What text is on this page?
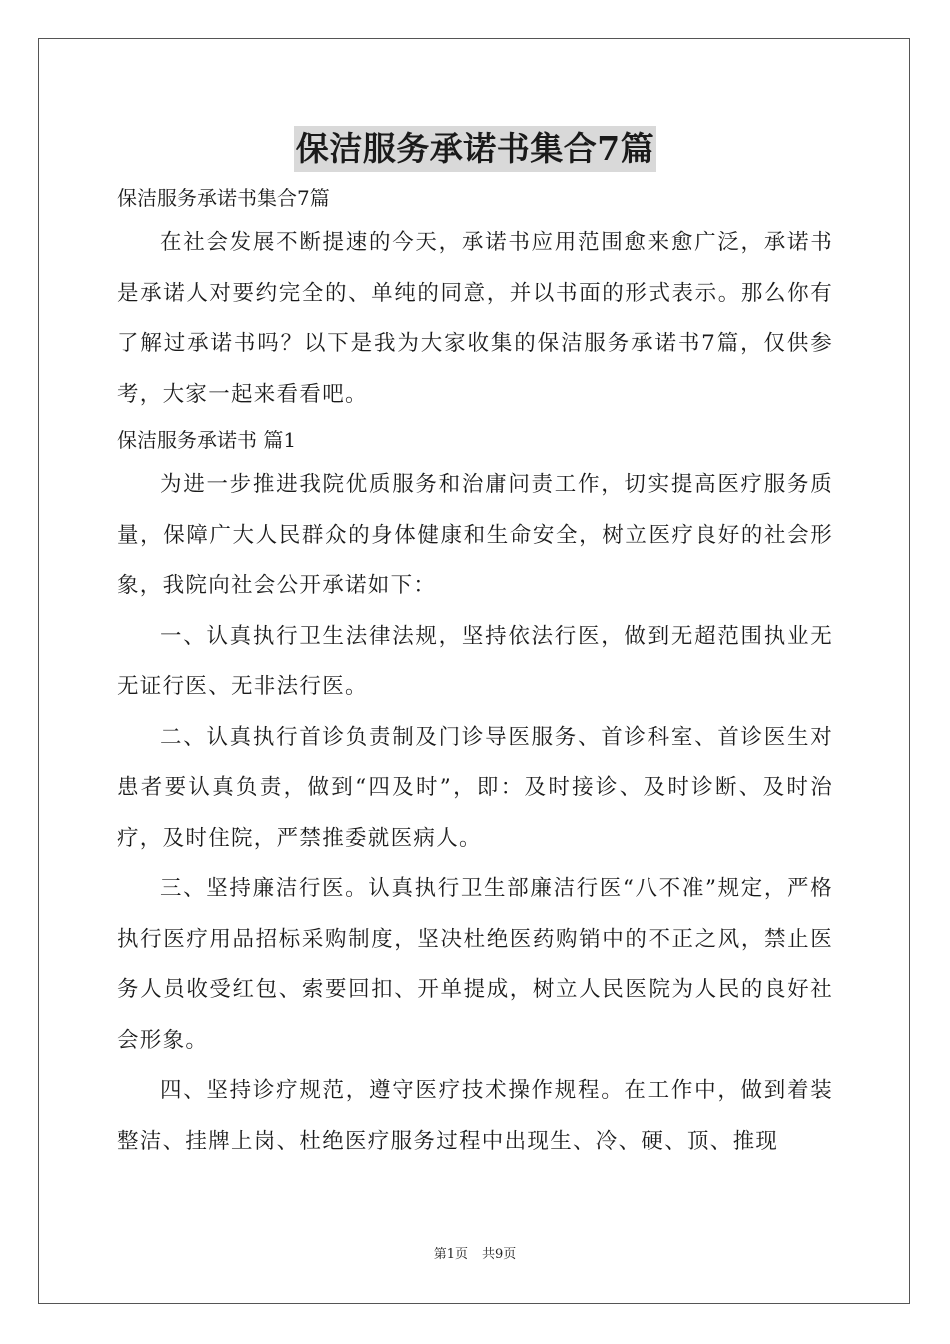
保洁服务承诺书集合7篇

保洁服务承诺书集合7篇

在社会发展不断提速的今天，承诺书应用范围愈来愈广泛，承诺书是承诺人对要约完全的、单纯的同意，并以书面的形式表示。那么你有了解过承诺书吗？以下是我为大家收集的保洁服务承诺书7篇，仅供参考，大家一起来看看吧。

保洁服务承诺书 篇1

为进一步推进我院优质服务和治庸问责工作，切实提高医疗服务质量，保障广大人民群众的身体健康和生命安全，树立医疗良好的社会形象，我院向社会公开承诺如下：

一、认真执行卫生法律法规，坚持依法行医，做到无超范围执业无无证行医、无非法行医。

二、认真执行首诊负责制及门诊导医服务、首诊科室、首诊医生对患者要认真负责，做到“四及时”，即：及时接诊、及时诊断、及时治疗，及时住院，严禁推委就医病人。

三、坚持廉洁行医。认真执行卫生部廉洁行医“八不准”规定，严格执行医疗用品招标采购制度，坚决杜绝医药购销中的不正之风，禁止医务人员收受红包、索要回扣、开单提成，树立人民医院为人民的良好社会形象。

四、坚持诊疗规范，遵守医疗技术操作规程。在工作中，做到着装整洁、挂牌上岗、杜绝医疗服务过程中出现生、冷、硬、顶、推现

第1页 共9页
